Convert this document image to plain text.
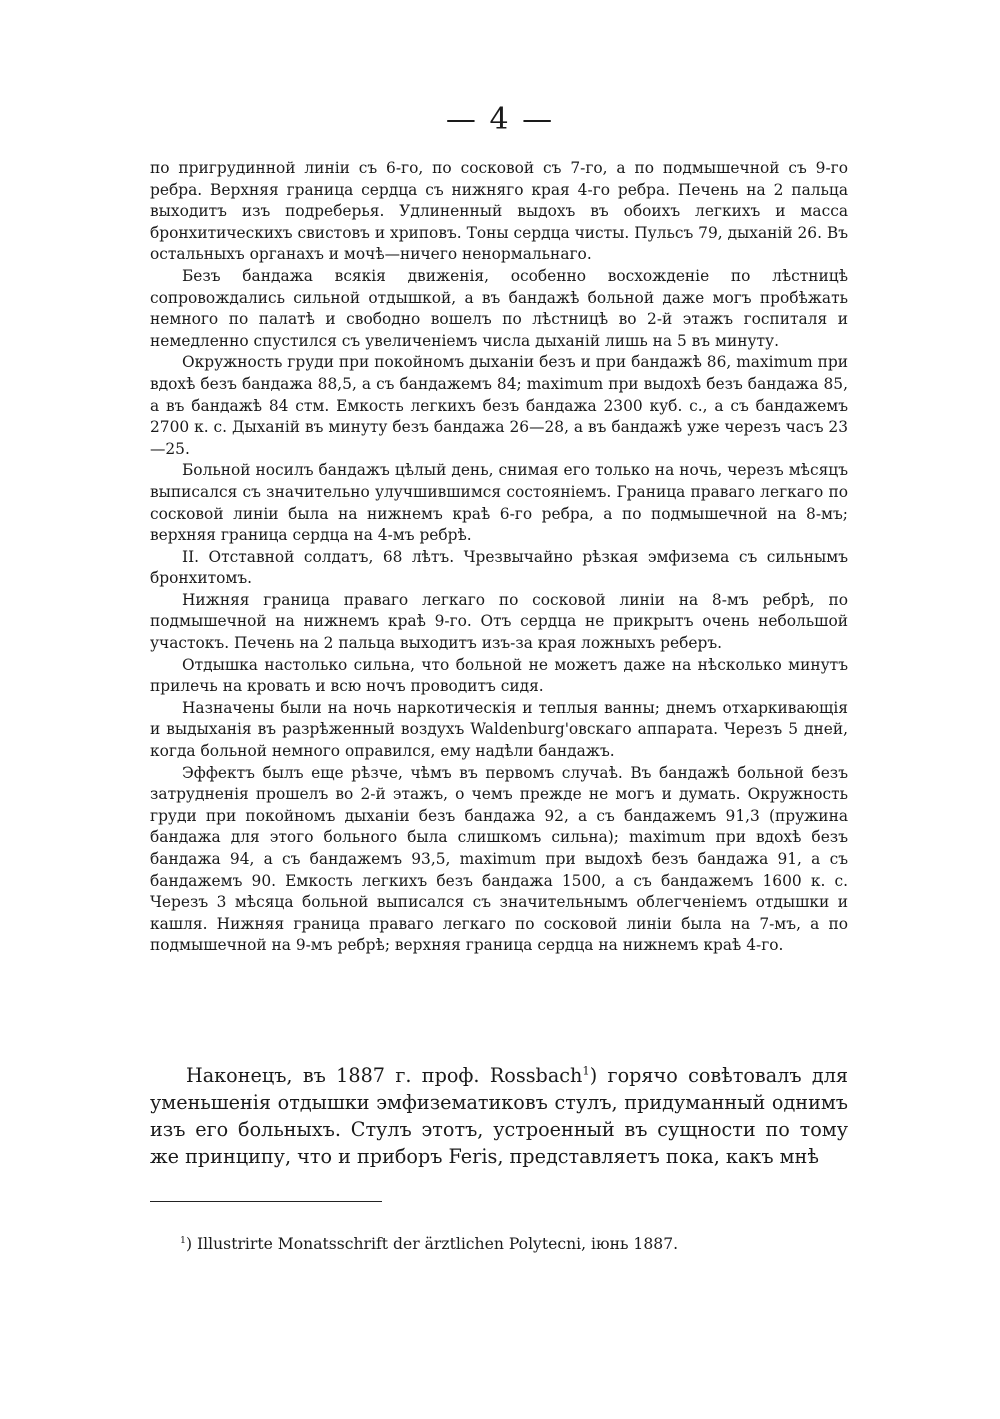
— 4 —

по пригрудинной линіи съ 6-го, по сосковой съ 7-го, а по подмышечной съ 9-го ребра. Верхняя граница сердца съ нижняго края 4-го ребра. Печень на 2 пальца выходитъ изъ подреберья. Удлиненный выдохъ въ обоихъ легкихъ и масса бронхитическихъ свистовъ и хриповъ. Тоны сердца чисты. Пульсъ 79, дыханій 26. Въ остальныхъ органахъ и мочѣ—ничего ненормальнаго.

Безъ бандажа всякія движенія, особенно восхожденіе по лѣстницѣ сопровождались сильной отдышкой, а въ бандажѣ больной даже могъ пробѣжать немного по палатѣ и свободно вошелъ по лѣстницѣ во 2-й этажъ госпиталя и немедленно спустился съ увеличеніемъ числа дыханій лишь на 5 въ минуту.

Окружность груди при покойномъ дыханіи безъ и при бандажѣ 86, maximum при вдохѣ безъ бандажа 88,5, а съ бандажемъ 84; maximum при выдохѣ безъ бандажа 85, а въ бандажѣ 84 стм. Емкость легкихъ безъ бандажа 2300 куб. с., а съ бандажемъ 2700 к. с. Дыханій въ минуту безъ бандажа 26—28, а въ бандажѣ уже черезъ часъ 23—25.

Больной носилъ бандажъ цѣлый день, снимая его только на ночь, черезъ мѣсяцъ выписался съ значительно улучшившимся состояніемъ. Граница праваго легкаго по сосковой линіи была на нижнемъ краѣ 6-го ребра, а по подмышечной на 8-мъ; верхняя граница сердца на 4-мъ ребрѣ.

II. Отставной солдатъ, 68 лѣтъ. Чрезвычайно рѣзкая эмфизема съ сильнымъ бронхитомъ.

Нижняя граница праваго легкаго по сосковой линіи на 8-мъ ребрѣ, по подмышечной на нижнемъ краѣ 9-го. Отъ сердца не прикрытъ очень небольшой участокъ. Печень на 2 пальца выходитъ изъ-за края ложныхъ реберъ.

Отдышка настолько сильна, что больной не можетъ даже на нѣсколько минутъ прилечь на кровать и всю ночъ проводитъ сидя.

Назначены были на ночь наркотическія и теплыя ванны; днемъ отхаркивающія и выдыханія въ разрѣженный воздухъ Waldenburg'овскаго аппарата. Черезъ 5 дней, когда больной немного оправился, ему надѣли бандажъ.

Эффектъ былъ еще рѣзче, чѣмъ въ первомъ случаѣ. Въ бандажѣ больной безъ затрудненія прошелъ во 2-й этажъ, о чемъ прежде не могъ и думать. Окружность груди при покойномъ дыханіи безъ бандажа 92, а съ бандажемъ 91,3 (пружина бандажа для этого больного была слишкомъ сильна); maximum при вдохѣ безъ бандажа 94, а съ бандажемъ 93,5, maximum при выдохѣ безъ бандажа 91, а съ бандажемъ 90. Емкость легкихъ безъ бандажа 1500, а съ бандажемъ 1600 к. с. Черезъ 3 мѣсяца больной выписался съ значительнымъ облегченіемъ отдышки и кашля. Нижняя граница праваго легкаго по сосковой линіи была на 7-мъ, а по подмышечной на 9-мъ ребрѣ; верхняя граница сердца на нижнемъ краѣ 4-го.

Наконецъ, въ 1887 г. проф. Rossbach$^1$) горячо совѣтовалъ для уменьшенія отдышки эмфизематиковъ стулъ, придуманный однимъ изъ его больныхъ. Стулъ этотъ, устроенный въ сущности по тому же принципу, что и приборъ Feris, представляетъ пока, какъ мнѣ

$^1$) Illustrirte Monatsschrift der ärztlichen Polytecni, іюнь 1887.
